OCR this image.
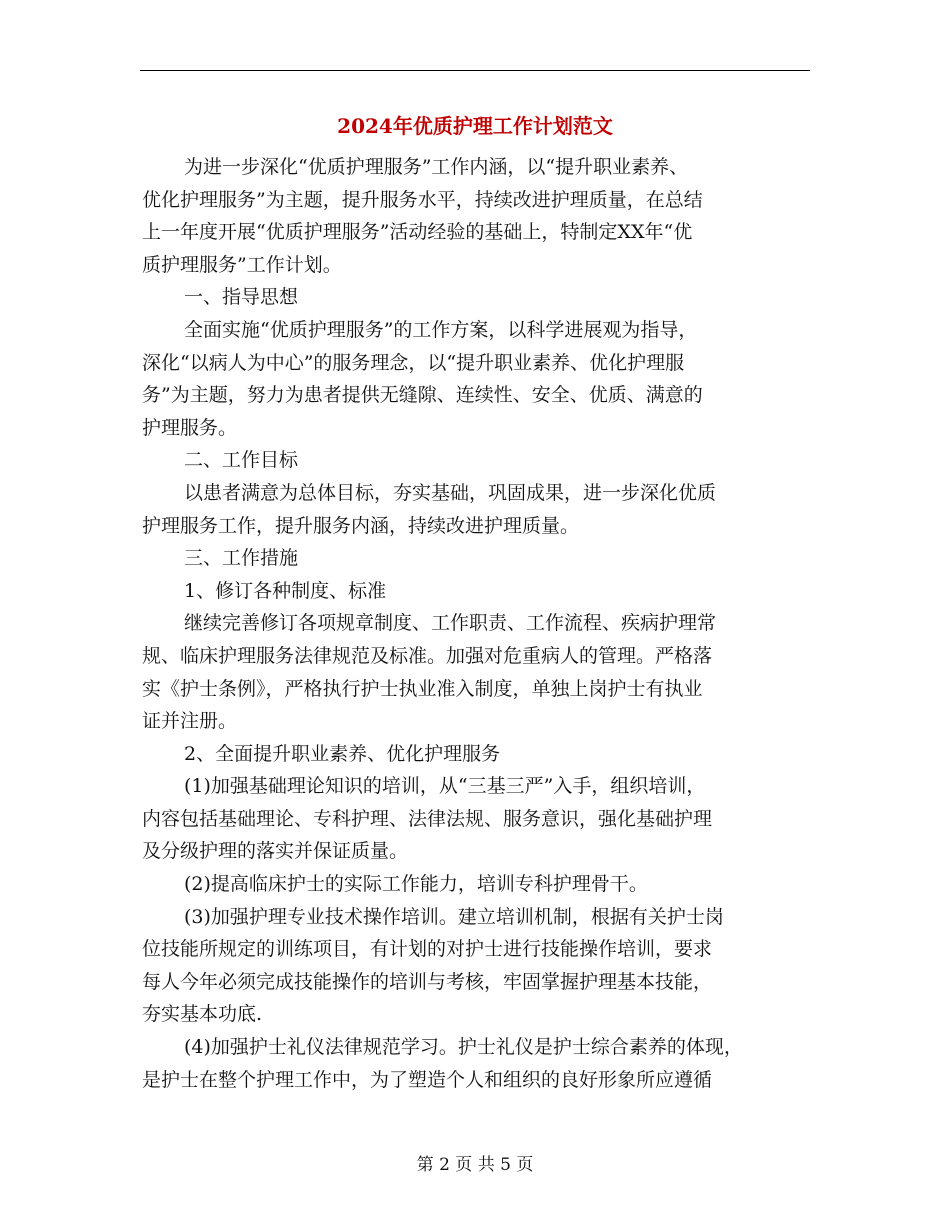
2024年优质护理工作计划范文
为进一步深化“优质护理服务”工作内涵，以“提升职业素养、
优化护理服务”为主题，提升服务水平，持续改进护理质量，在总结
上一年度开展“优质护理服务”活动经验的基础上，特制定XX年“优
质护理服务”工作计划。
一、指导思想
全面实施“优质护理服务”的工作方案，以科学进展观为指导，
深化“以病人为中心”的服务理念，以“提升职业素养、优化护理服
务”为主题，努力为患者提供无缝隙、连续性、安全、优质、满意的
护理服务。
二、工作目标
以患者满意为总体目标，夯实基础，巩固成果，进一步深化优质
护理服务工作，提升服务内涵，持续改进护理质量。
三、工作措施
1、修订各种制度、标准
继续完善修订各项规章制度、工作职责、工作流程、疾病护理常
规、临床护理服务法律规范及标准。加强对危重病人的管理。严格落
实《护士条例》，严格执行护士执业准入制度，单独上岗护士有执业
证并注册。
2、全面提升职业素养、优化护理服务
(1)加强基础理论知识的培训，从“三基三严”入手，组织培训，
内容包括基础理论、专科护理、法律法规、服务意识，强化基础护理
及分级护理的落实并保证质量。
(2)提高临床护士的实际工作能力，培训专科护理骨干。
(3)加强护理专业技术操作培训。建立培训机制，根据有关护士岗
位技能所规定的训练项目，有计划的对护士进行技能操作培训，要求
每人今年必须完成技能操作的培训与考核，牢固掌握护理基本技能，
夯实基本功底.
(4)加强护士礼仪法律规范学习。护士礼仪是护士综合素养的体现，
是护士在整个护理工作中，为了塑造个人和组织的良好形象所应遵循
第 2 页 共 5 页
